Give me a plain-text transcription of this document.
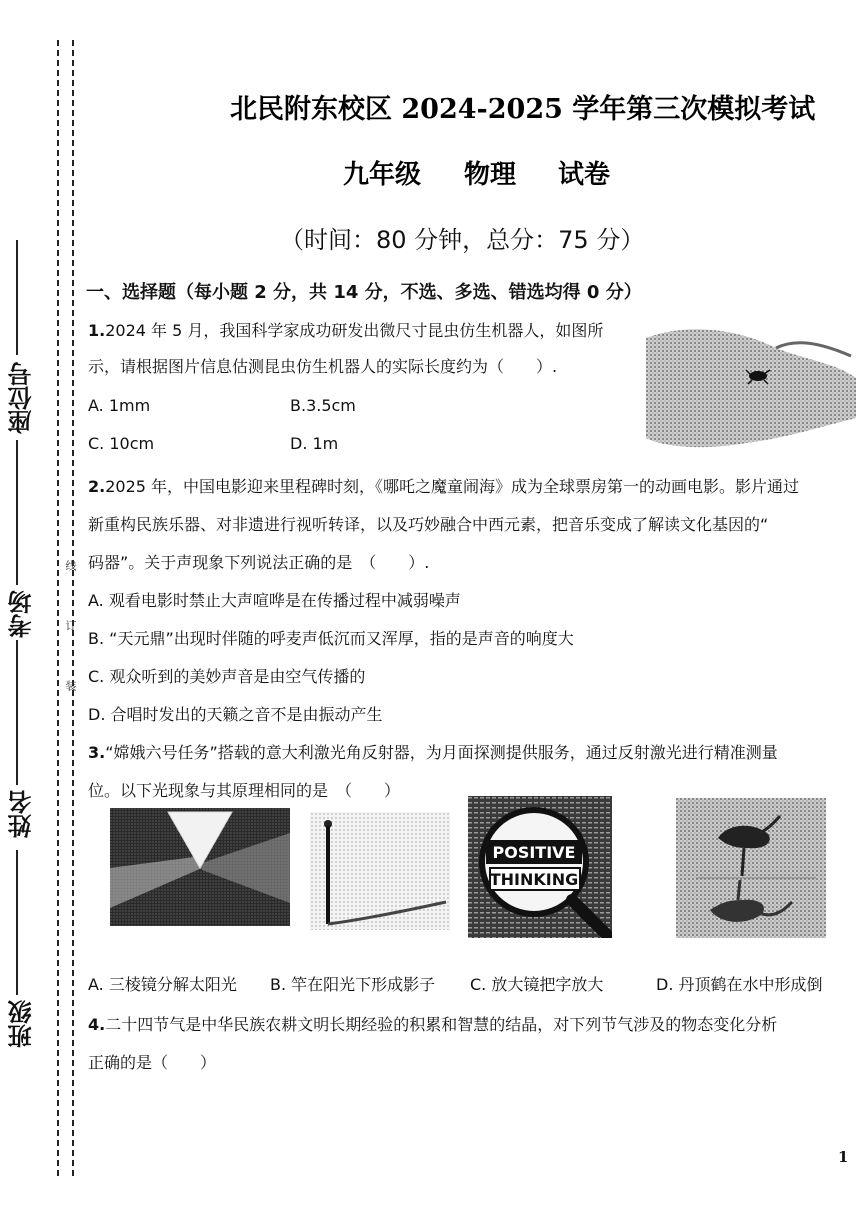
座位号
考场
姓名
班级
线
订
装
北民附东校区 2024-2025 学年第三次模拟考试
九年级 物理 试卷
（时间：80 分钟，总分：75 分）
一、选择题（每小题 2 分，共 14 分，不选、多选、错选均得 0 分）
1.2024 年 5 月，我国科学家成功研发出微尺寸昆虫仿生机器人，如图所
示，请根据图片信息估测昆虫仿生机器人的实际长度约为（　　）.
A. 1mm	B.3.5cm
C. 10cm	D. 1m
2.2025 年，中国电影迎来里程碑时刻，《哪吒之魔童闹海》成为全球票房第一的动画电影。影片通过
新重构民族乐器、对非遗进行视听转译，以及巧妙融合中西元素，把音乐变成了解读文化基因的“
码器”。关于声现象下列说法正确的是　（　　）.
A. 观看电影时禁止大声喧哗是在传播过程中减弱噪声
B. “天元鼎”出现时伴随的呼麦声低沉而又浑厚，指的是声音的响度大
C. 观众听到的美妙声音是由空气传播的
D. 合唱时发出的天籁之音不是由振动产生
3.“嫦娥六号任务”搭载的意大利激光角反射器，为月面探测提供服务，通过反射激光进行精准测量
位。以下光现象与其原理相同的是　（　　）
POSITIVE
THINKING
A. 三棱镜分解太阳光 B. 竿在阳光下形成影子 C. 放大镜把字放大	D. 丹顶鹤在水中形成倒
4.二十四节气是中华民族农耕文明长期经验的积累和智慧的结晶，对下列节气涉及的物态变化分析
正确的是（　　）
1
